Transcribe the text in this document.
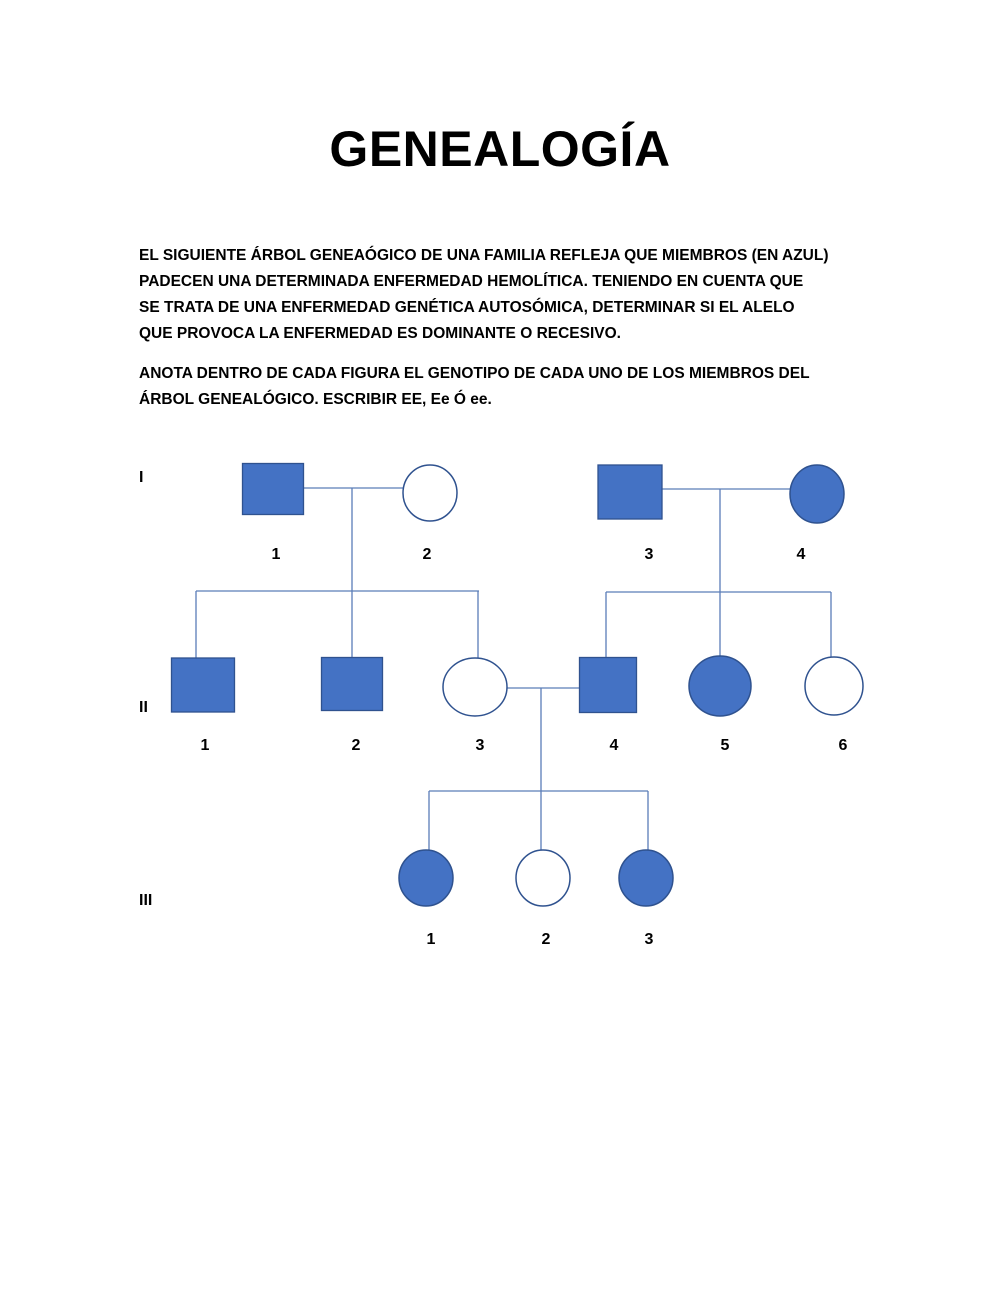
GENEALOGÍA
EL SIGUIENTE ÁRBOL GENEAÓGICO DE UNA FAMILIA REFLEJA QUE MIEMBROS (EN AZUL)
PADECEN UNA DETERMINADA ENFERMEDAD HEMOLÍTICA. TENIENDO EN CUENTA QUE
SE TRATA DE UNA ENFERMEDAD GENÉTICA AUTOSÓMICA, DETERMINAR SI EL ALELO
QUE PROVOCA LA ENFERMEDAD ES DOMINANTE O RECESIVO.
ANOTA DENTRO DE CADA FIGURA EL GENOTIPO DE CADA UNO DE LOS MIEMBROS DEL
ÁRBOL GENEALÓGICO. ESCRIBIR EE, Ee Ó ee.
1	2	3	4
1	2	3	4	5	6
1	2	3
I
II
III
